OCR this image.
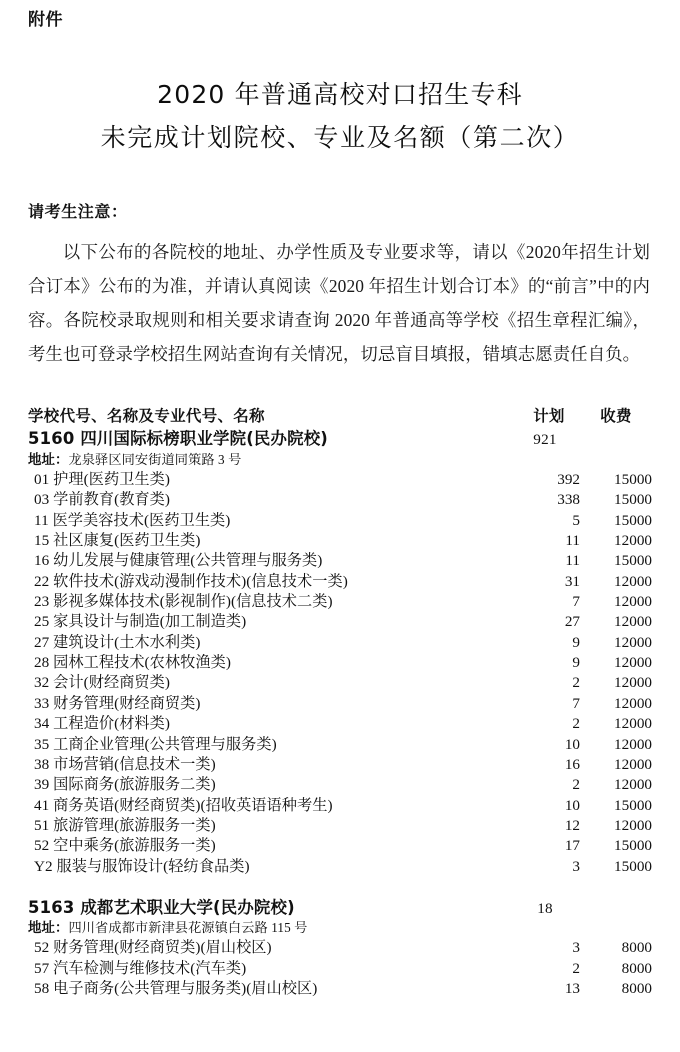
附件
2020 年普通高校对口招生专科
未完成计划院校、专业及名额（第二次）
请考生注意：
以下公布的各院校的地址、办学性质及专业要求等，请以《2020年招生计划合订本》公布的为准，并请认真阅读《2020 年招生计划合订本》的“前言”中的内容。各院校录取规则和相关要求请查询 2020 年普通高等学校《招生章程汇编》，考生也可登录学校招生网站查询有关情况，切忌盲目填报，错填志愿责任自负。
学校代号、名称及专业代号、名称	计划	收费
5160 四川国际标榜职业学院(民办院校)	921
地址：龙泉驿区同安街道同策路 3 号
01 护理(医药卫生类)	392	15000
03 学前教育(教育类)	338	15000
11 医学美容技术(医药卫生类)	5	15000
15 社区康复(医药卫生类)	11	12000
16 幼儿发展与健康管理(公共管理与服务类)	11	15000
22 软件技术(游戏动漫制作技术)(信息技术一类)	31	12000
23 影视多媒体技术(影视制作)(信息技术二类)	7	12000
25 家具设计与制造(加工制造类)	27	12000
27 建筑设计(土木水利类)	9	12000
28 园林工程技术(农林牧渔类)	9	12000
32 会计(财经商贸类)	2	12000
33 财务管理(财经商贸类)	7	12000
34 工程造价(材料类)	2	12000
35 工商企业管理(公共管理与服务类)	10	12000
38 市场营销(信息技术一类)	16	12000
39 国际商务(旅游服务二类)	2	12000
41 商务英语(财经商贸类)(招收英语语种考生)	10	15000
51 旅游管理(旅游服务一类)	12	12000
52 空中乘务(旅游服务一类)	17	15000
Y2 服装与服饰设计(轻纺食品类)	3	15000
5163 成都艺术职业大学(民办院校)	18
地址：四川省成都市新津县花源镇白云路 115 号
52 财务管理(财经商贸类)(眉山校区)	3	8000
57 汽车检测与维修技术(汽车类)	2	8000
58 电子商务(公共管理与服务类)(眉山校区)	13	8000
